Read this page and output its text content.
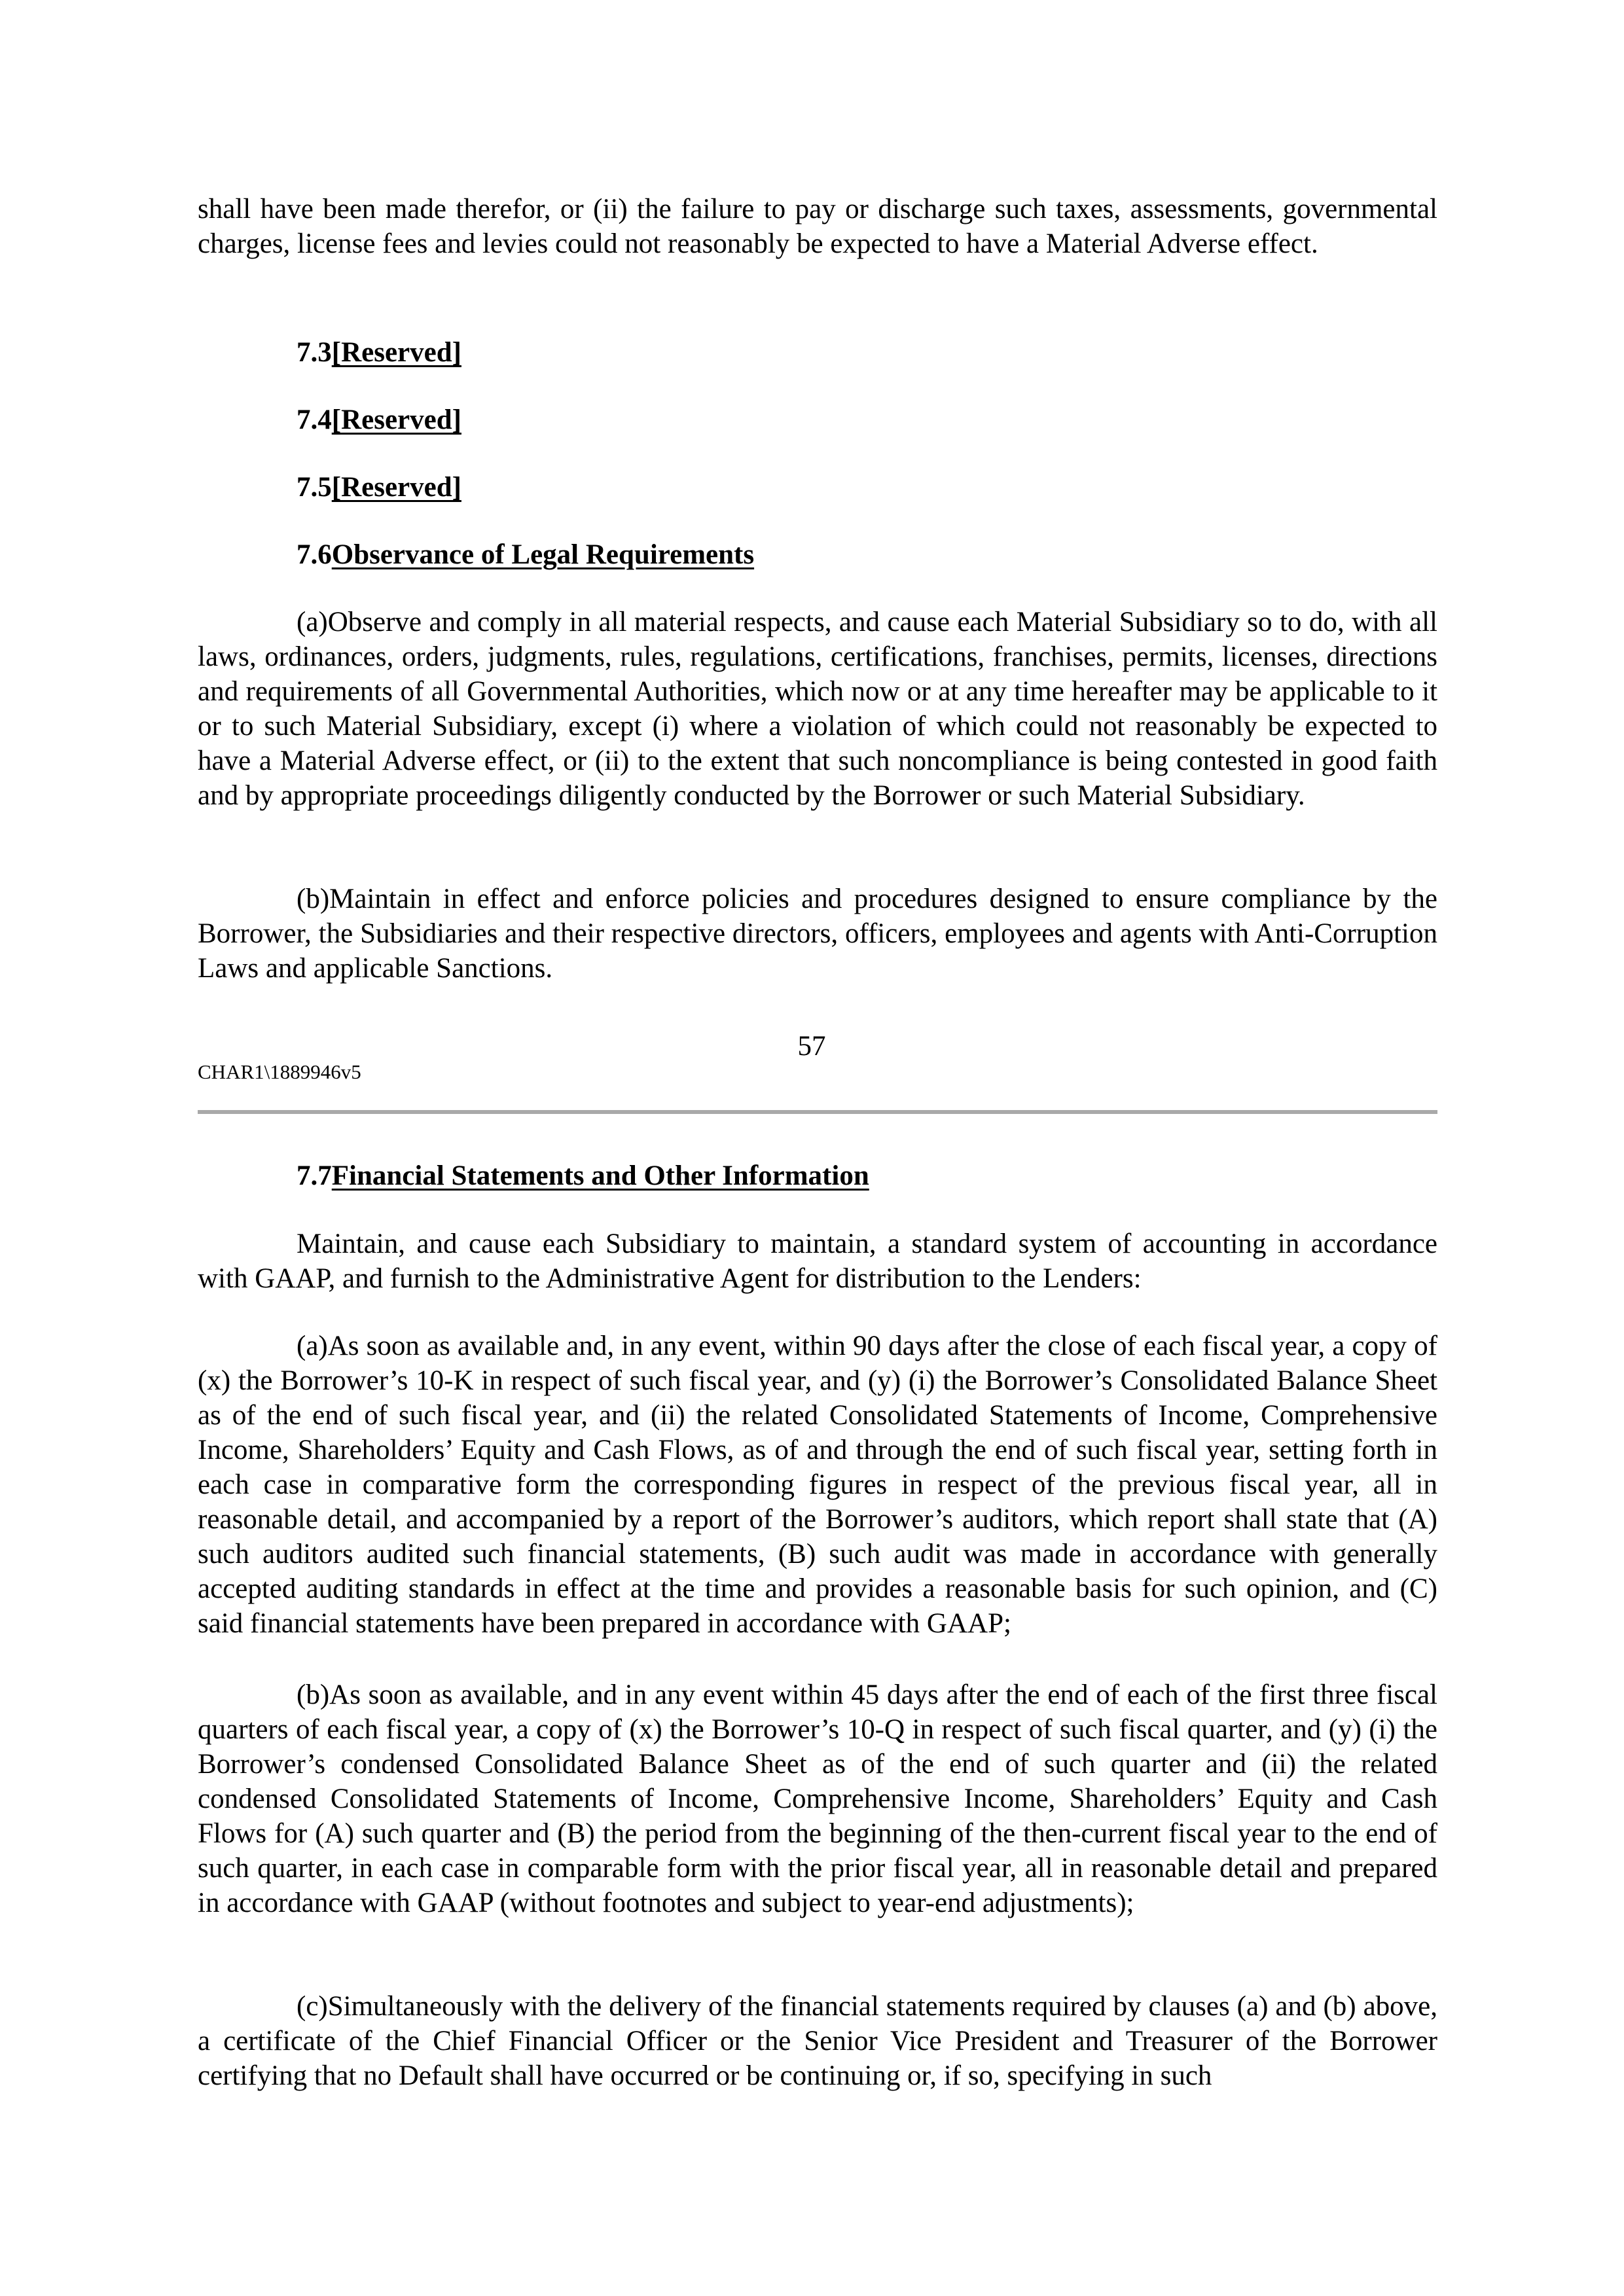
shall have been made therefor, or (ii) the failure to pay or discharge such taxes, assessments, governmental charges, license fees and levies could not reasonably be expected to have a Material Adverse effect.

7.3[Reserved]

7.4[Reserved]

7.5[Reserved]

7.6Observance of Legal Requirements

(a)Observe and comply in all material respects, and cause each Material Subsidiary so to do, with all laws, ordinances, orders, judgments, rules, regulations, certifications, franchises, permits, licenses, directions and requirements of all Governmental Authorities, which now or at any time hereafter may be applicable to it or to such Material Subsidiary, except (i) where a violation of which could not reasonably be expected to have a Material Adverse effect, or (ii) to the extent that such noncompliance is being contested in good faith and by appropriate proceedings diligently conducted by the Borrower or such Material Subsidiary.

(b)Maintain in effect and enforce policies and procedures designed to ensure compliance by the Borrower, the Subsidiaries and their respective directors, officers, employees and agents with Anti-Corruption Laws and applicable Sanctions.

57
CHAR1\1889946v5

7.7Financial Statements and Other Information

Maintain, and cause each Subsidiary to maintain, a standard system of accounting in accordance with GAAP, and furnish to the Administrative Agent for distribution to the Lenders:

(a)As soon as available and, in any event, within 90 days after the close of each fiscal year, a copy of (x) the Borrower’s 10-K in respect of such fiscal year, and (y) (i) the Borrower’s Consolidated Balance Sheet as of the end of such fiscal year, and (ii) the related Consolidated Statements of Income, Comprehensive Income, Shareholders’ Equity and Cash Flows, as of and through the end of such fiscal year, setting forth in each case in comparative form the corresponding figures in respect of the previous fiscal year, all in reasonable detail, and accompanied by a report of the Borrower’s auditors, which report shall state that (A) such auditors audited such financial statements, (B) such audit was made in accordance with generally accepted auditing standards in effect at the time and provides a reasonable basis for such opinion, and (C) said financial statements have been prepared in accordance with GAAP;

(b)As soon as available, and in any event within 45 days after the end of each of the first three fiscal quarters of each fiscal year, a copy of (x) the Borrower’s 10-Q in respect of such fiscal quarter, and (y) (i) the Borrower’s condensed Consolidated Balance Sheet as of the end of such quarter and (ii) the related condensed Consolidated Statements of Income, Comprehensive Income, Shareholders’ Equity and Cash Flows for (A) such quarter and (B) the period from the beginning of the then-current fiscal year to the end of such quarter, in each case in comparable form with the prior fiscal year, all in reasonable detail and prepared in accordance with GAAP (without footnotes and subject to year-end adjustments);

(c)Simultaneously with the delivery of the financial statements required by clauses (a) and (b) above, a certificate of the Chief Financial Officer or the Senior Vice President and Treasurer of the Borrower certifying that no Default shall have occurred or be continuing or, if so, specifying in such
